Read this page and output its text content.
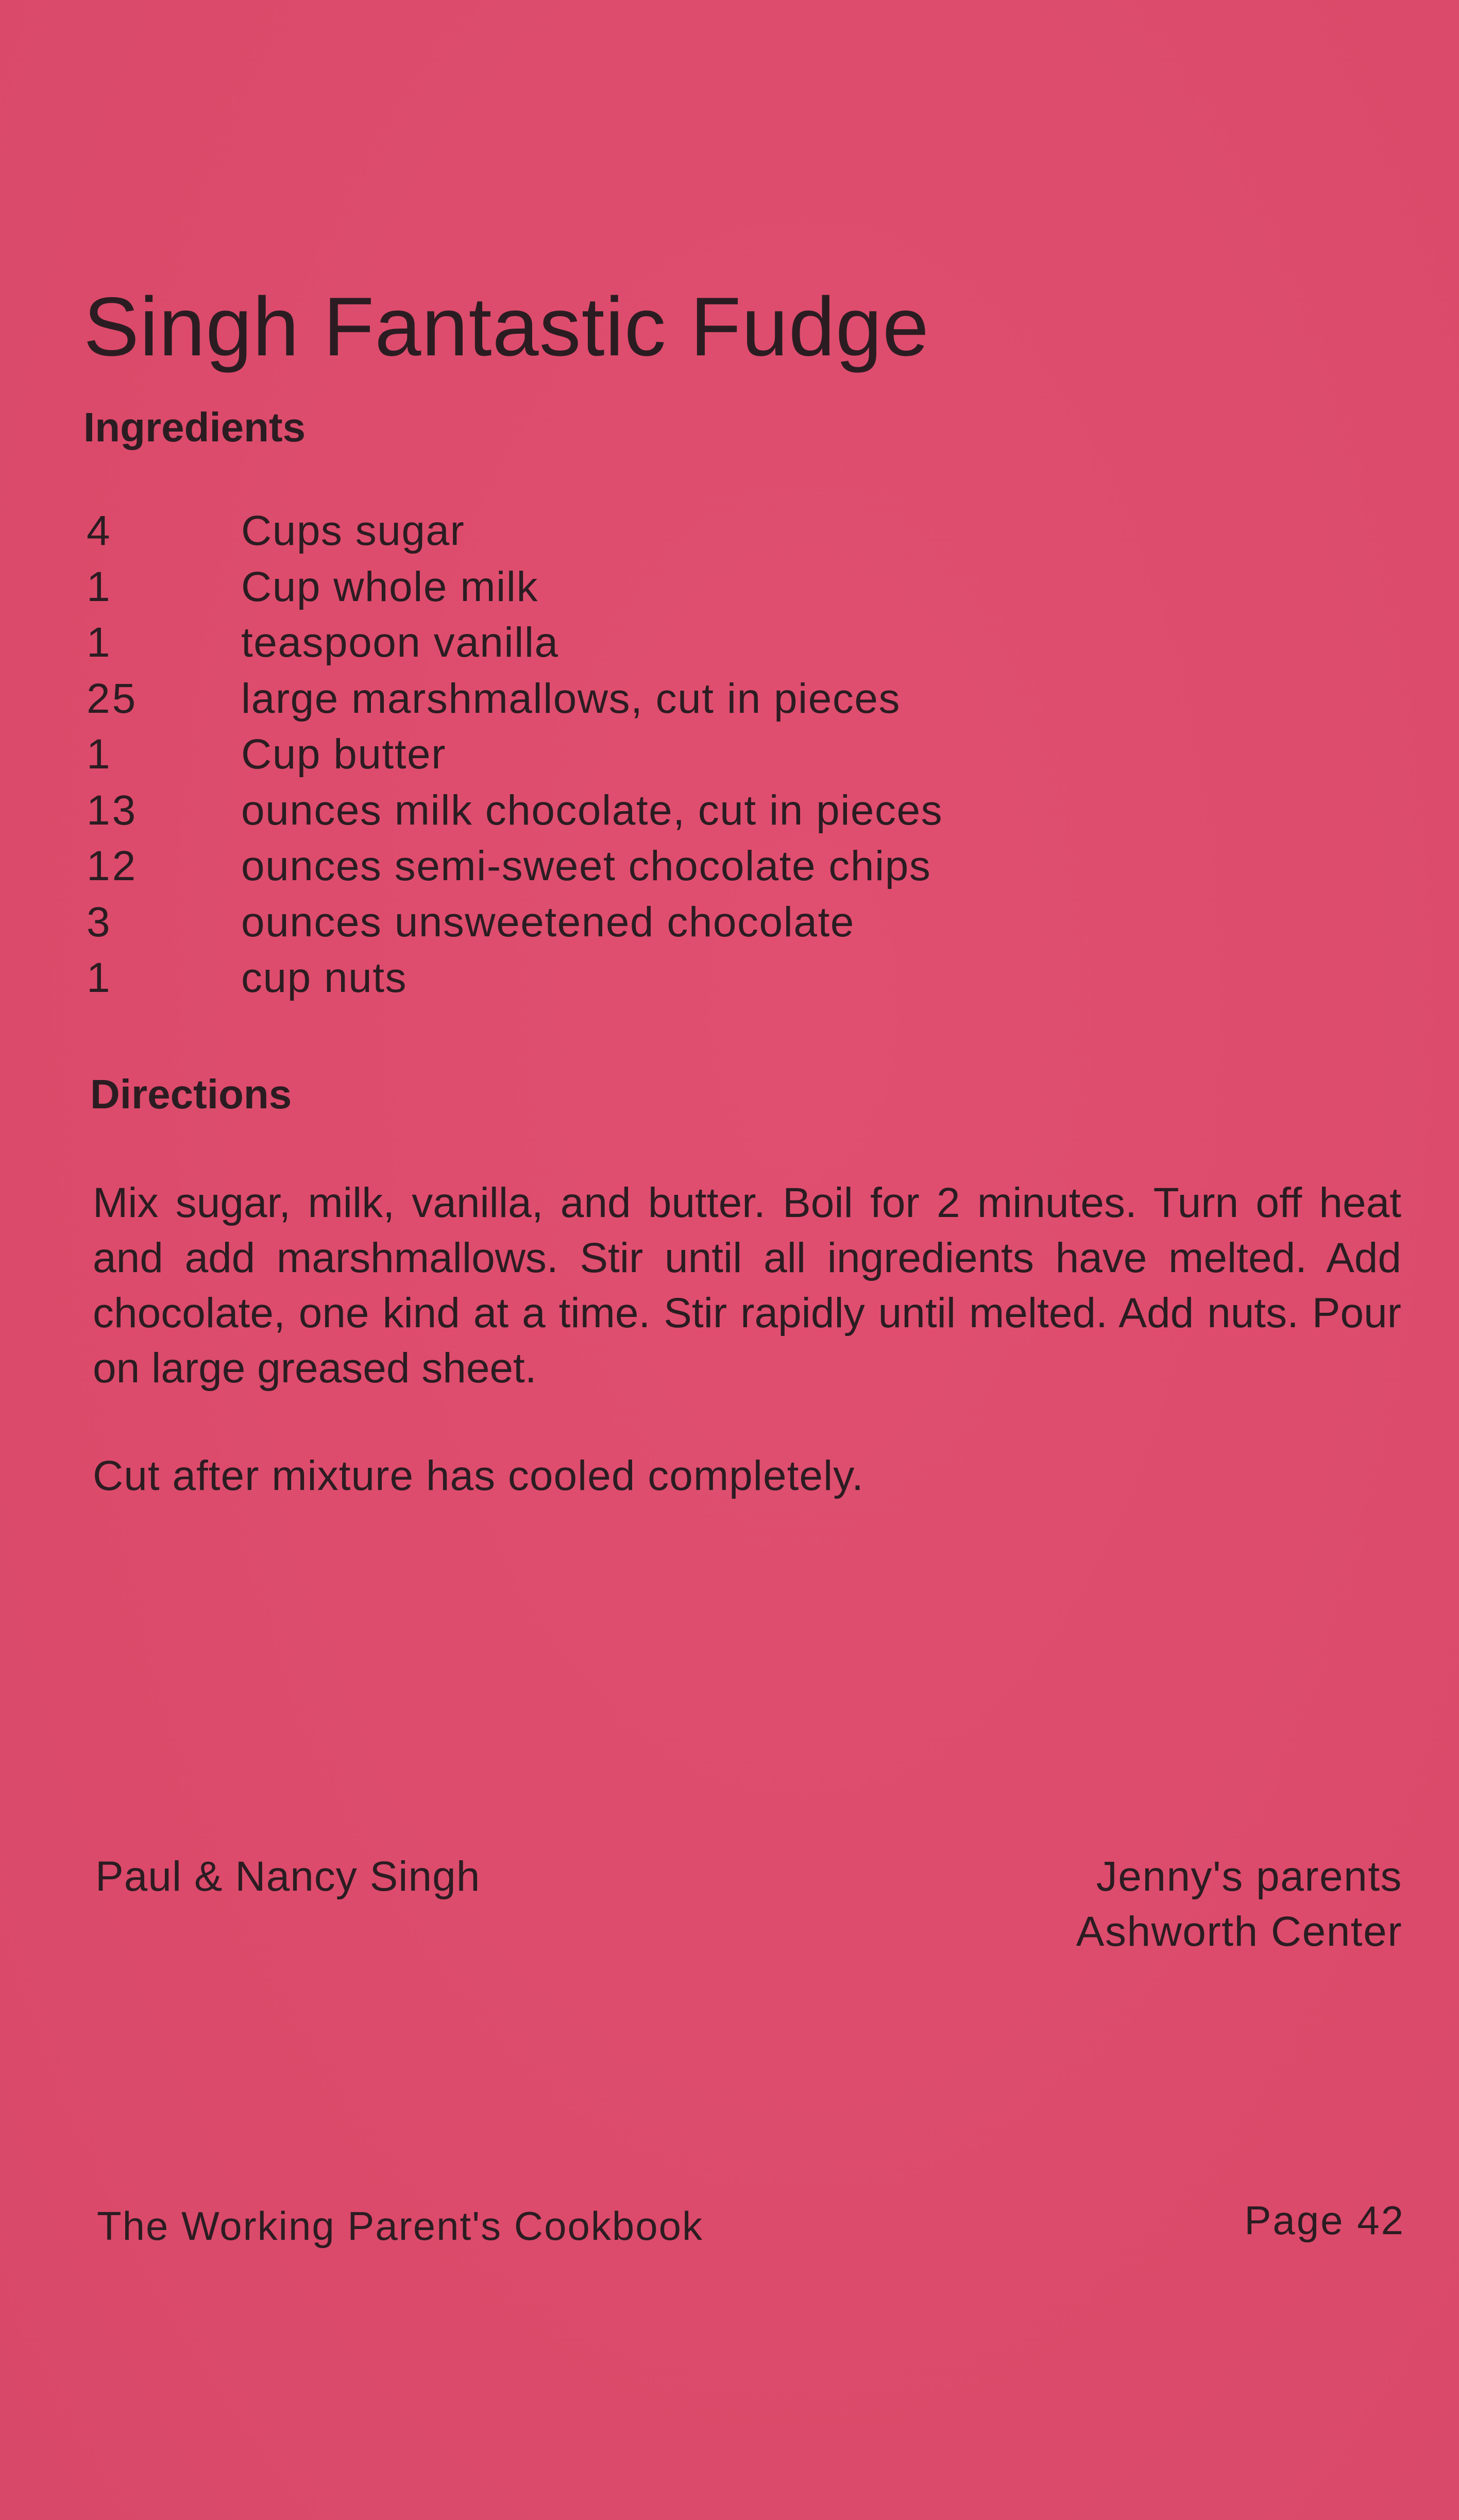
Singh Fantastic Fudge
Ingredients
4	Cups sugar
1	Cup whole milk
1	teaspoon vanilla
25 large marshmallows, cut in pieces
1	Cup butter
13 ounces milk chocolate, cut in pieces
12 ounces semi-sweet chocolate chips
3	ounces unsweetened chocolate
1	cup nuts
Directions

Mix sugar, milk, vanilla, and butter. Boil for 2 minutes. Turn off heat and add marshmallows. Stir until all ingredients have melted. Add chocolate, one kind at a time. Stir rapidly until melted. Add nuts. Pour on large greased sheet.

Cut after mixture has cooled completely.

Paul & Nancy Singh	Jenny's parents
Ashworth Center
The Working Parent's Cookbook	Page 42
